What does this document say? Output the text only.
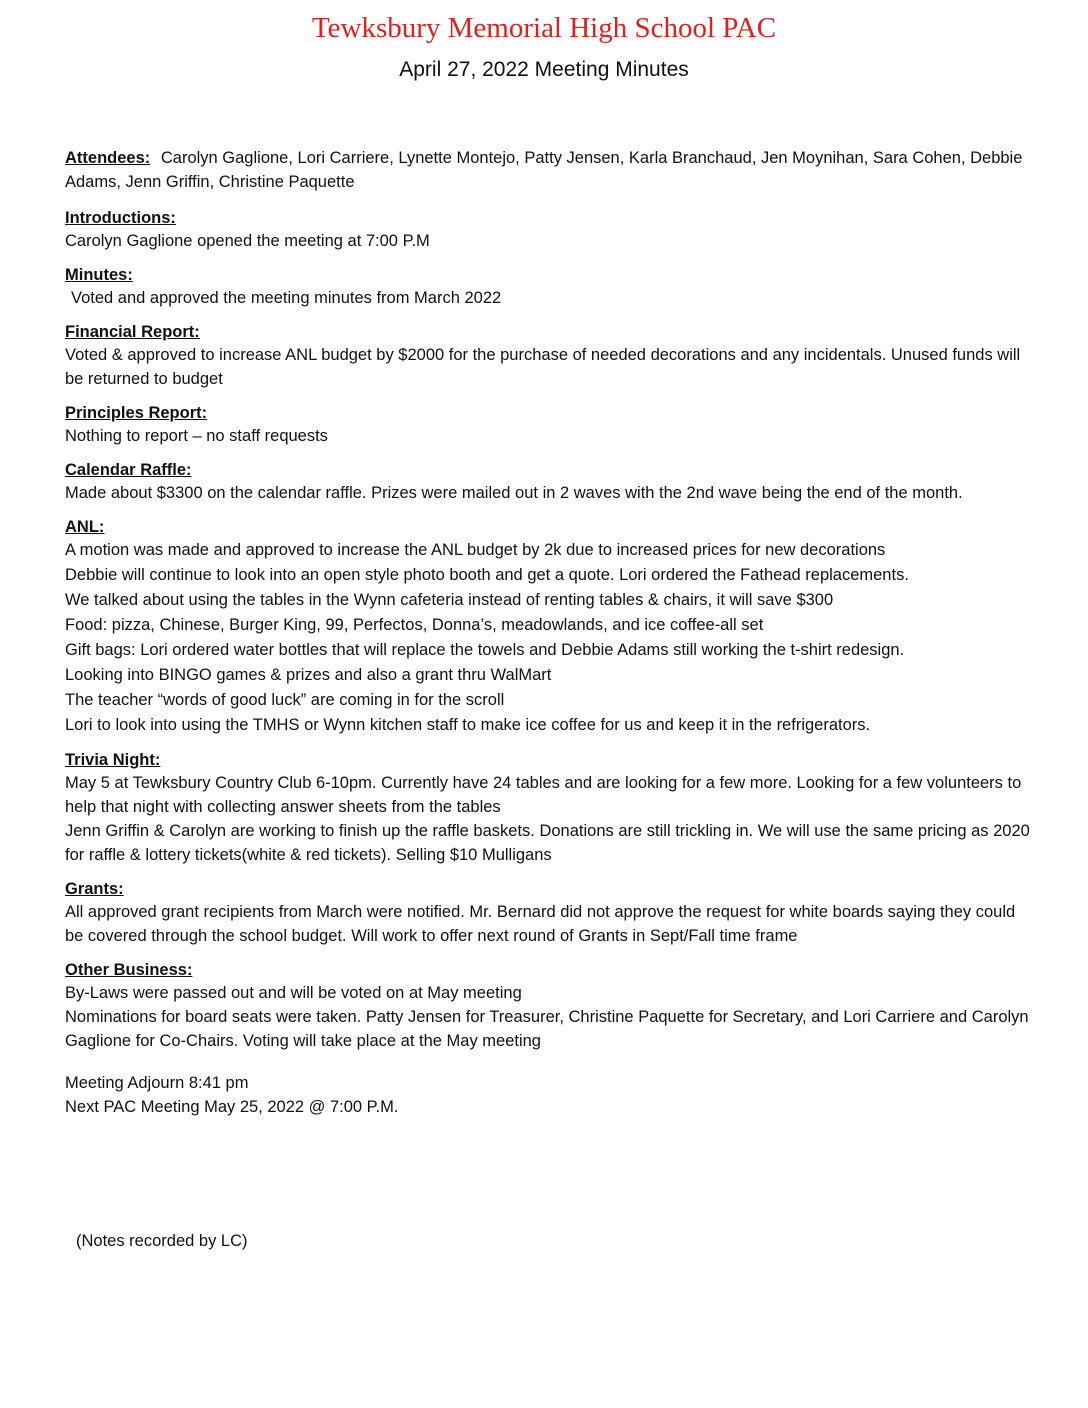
Tewksbury Memorial High School PAC
April 27, 2022 Meeting Minutes
Attendees: Carolyn Gaglione, Lori Carriere, Lynette Montejo, Patty Jensen, Karla Branchaud, Jen Moynihan, Sara Cohen, Debbie Adams, Jenn Griffin, Christine Paquette
Introductions:
Carolyn Gaglione opened the meeting at 7:00 P.M
Minutes:
Voted and approved the meeting minutes from March 2022
Financial Report:
Voted & approved to increase ANL budget by $2000 for the purchase of needed decorations and any incidentals. Unused funds will be returned to budget
Principles Report:
Nothing to report – no staff requests
Calendar Raffle:
Made about $3300 on the calendar raffle. Prizes were mailed out in 2 waves with the 2nd wave being the end of the month.
ANL:
A motion was made and approved to increase the ANL budget by 2k due to increased prices for new decorations
Debbie will continue to look into an open style photo booth and get a quote. Lori ordered the Fathead replacements.
We talked about using the tables in the Wynn cafeteria instead of renting tables & chairs, it will save $300
Food: pizza, Chinese, Burger King, 99, Perfectos, Donna’s, meadowlands, and ice coffee-all set
Gift bags: Lori ordered water bottles that will replace the towels and Debbie Adams still working the t-shirt redesign.
Looking into BINGO games & prizes and also a grant thru WalMart
The teacher “words of good luck” are coming in for the scroll
Lori to look into using the TMHS or Wynn kitchen staff to make ice coffee for us and keep it in the refrigerators.
Trivia Night:
May 5 at Tewksbury Country Club 6-10pm. Currently have 24 tables and are looking for a few more. Looking for a few volunteers to help that night with collecting answer sheets from the tables
Jenn Griffin & Carolyn are working to finish up the raffle baskets. Donations are still trickling in. We will use the same pricing as 2020 for raffle & lottery tickets(white & red tickets). Selling $10 Mulligans
Grants:
All approved grant recipients from March were notified. Mr. Bernard did not approve the request for white boards saying they could be covered through the school budget. Will work to offer next round of Grants in Sept/Fall time frame
Other Business:
By-Laws were passed out and will be voted on at May meeting
Nominations for board seats were taken. Patty Jensen for Treasurer, Christine Paquette for Secretary, and Lori Carriere and Carolyn Gaglione for Co-Chairs. Voting will take place at the May meeting
Meeting Adjourn 8:41 pm
Next PAC Meeting May 25, 2022 @ 7:00 P.M.
(Notes recorded by LC)
